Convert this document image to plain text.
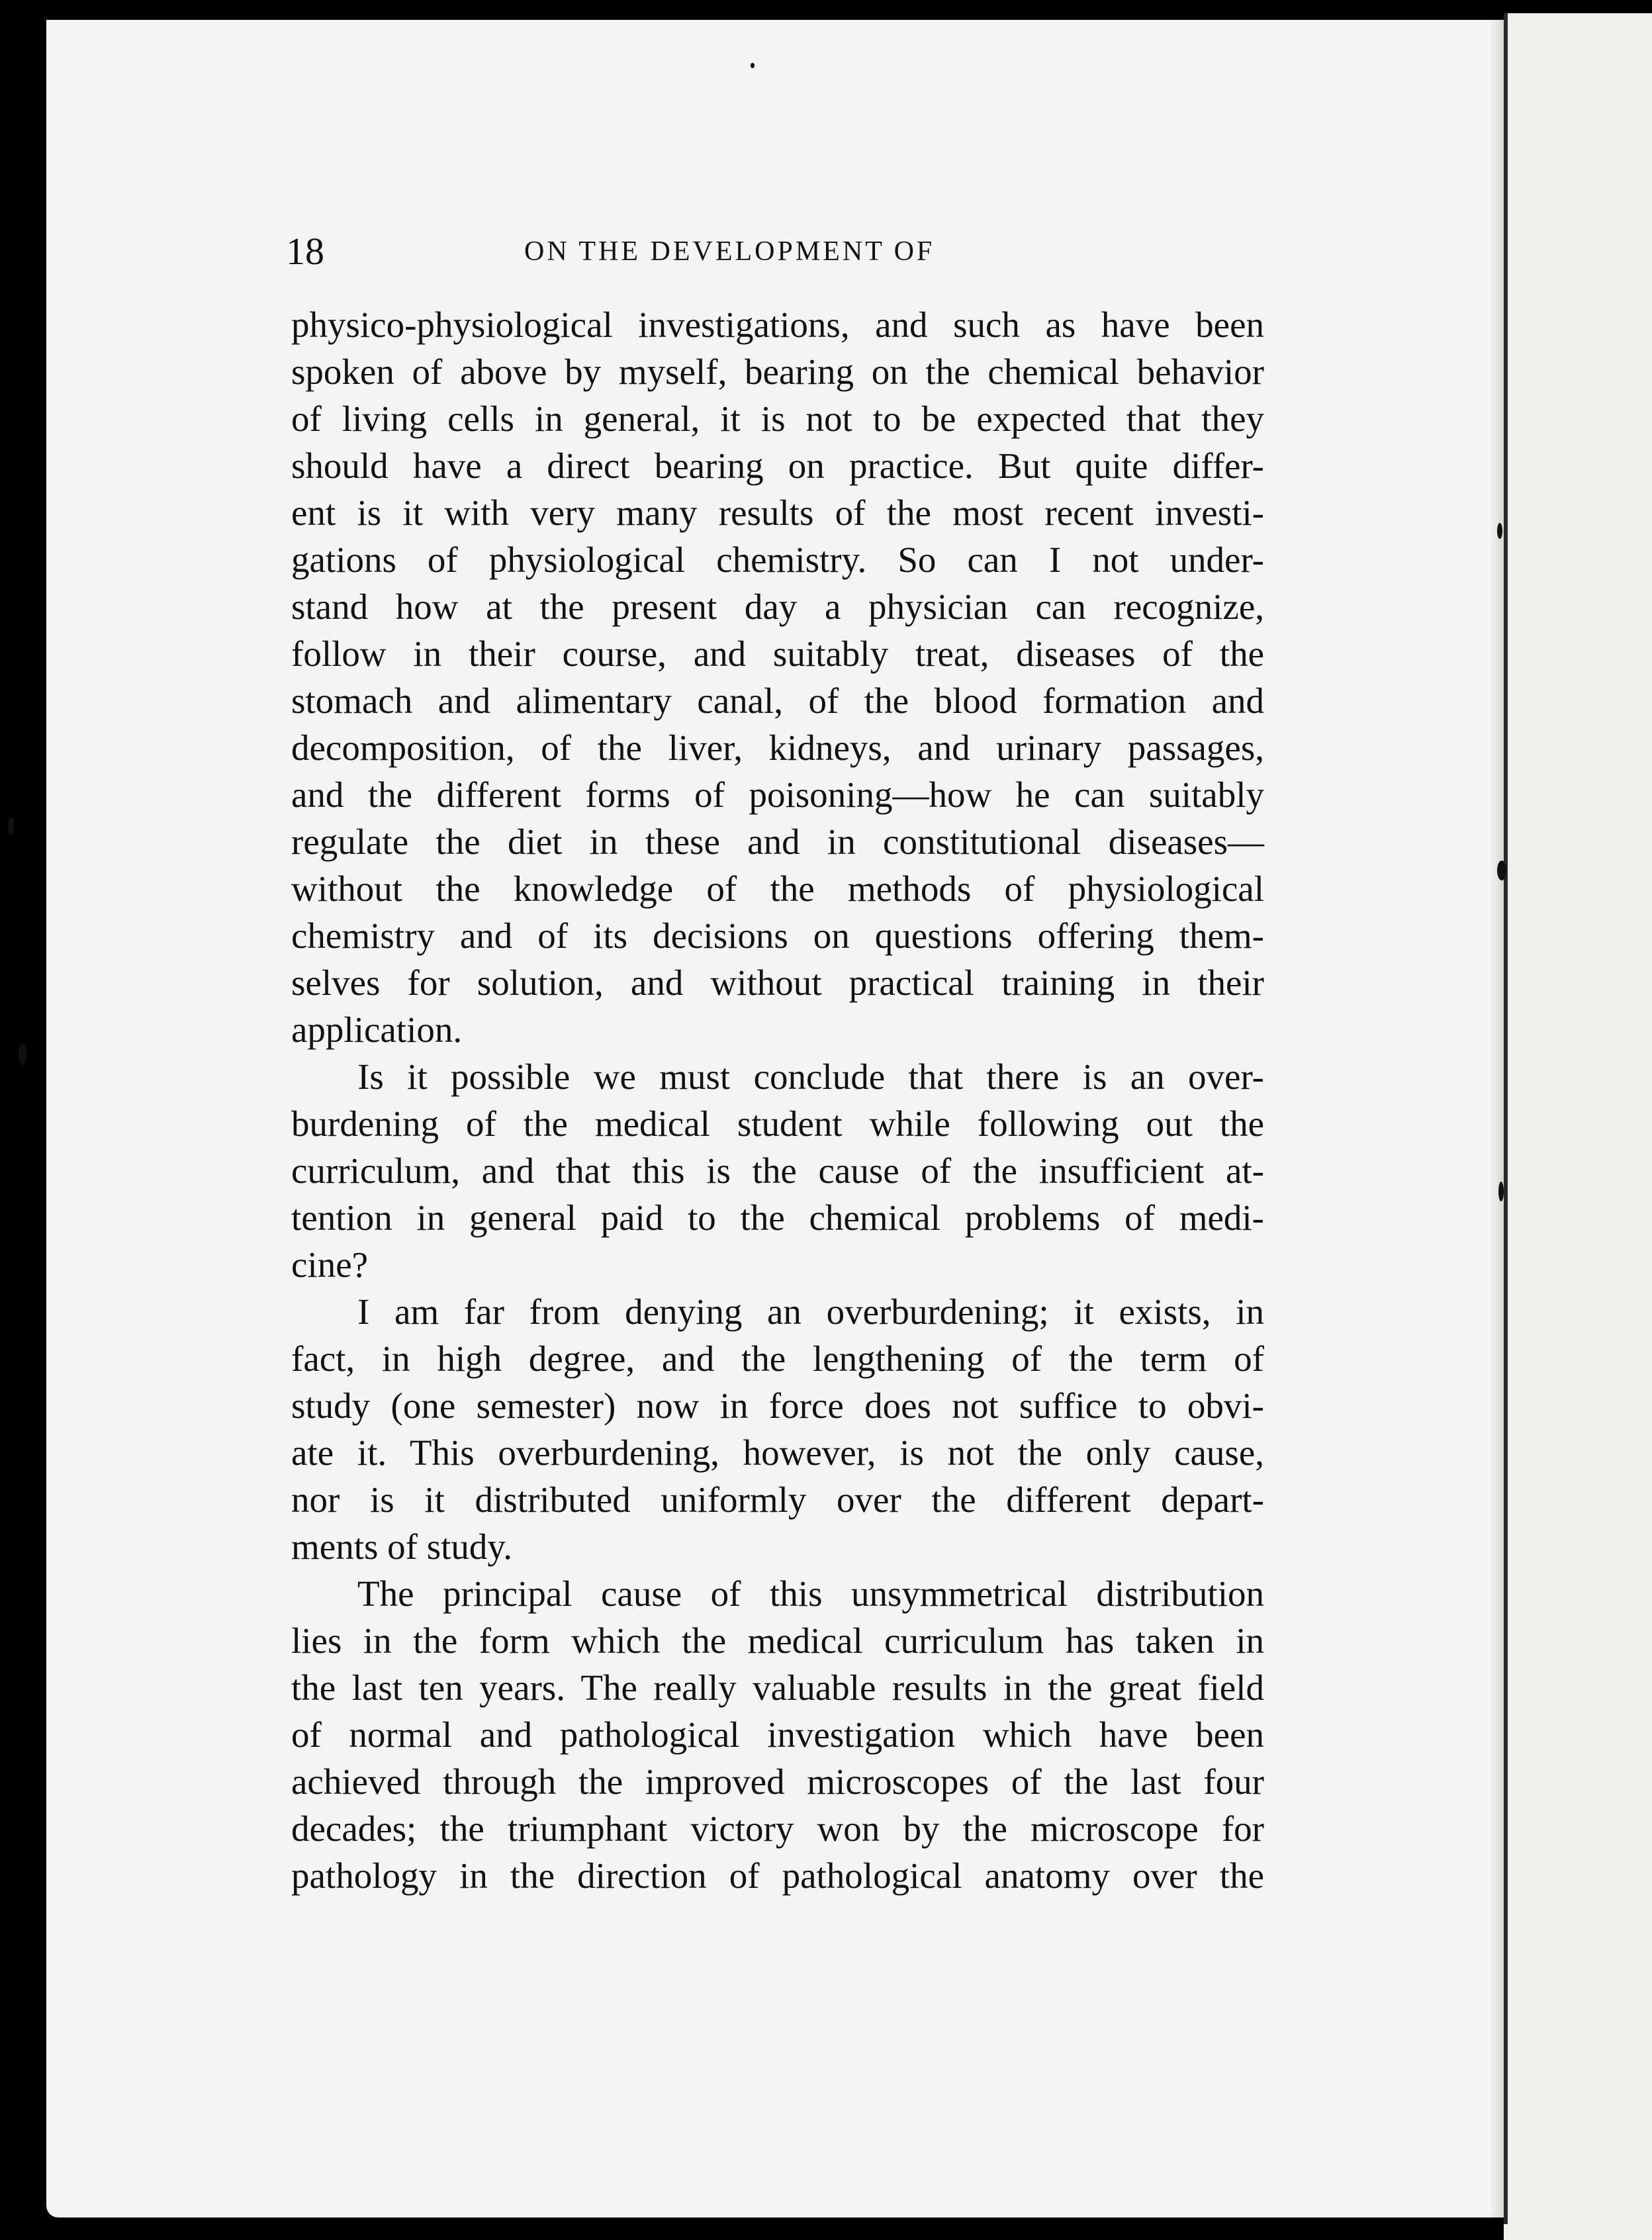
18	ON THE DEVELOPMENT OF
physico-physiological investigations, and such as have been
spoken of above by myself, bearing on the chemical behavior
of living cells in general, it is not to be expected that they
should have a direct bearing on practice. But quite differ-
ent is it with very many results of the most recent investi-
gations of physiological chemistry. So can I not under-
stand how at the present day a physician can recognize,
follow in their course, and suitably treat, diseases of the
stomach and alimentary canal, of the blood formation and
decomposition, of the liver, kidneys, and urinary passages,
and the different forms of poisoning—how he can suitably
regulate the diet in these and in constitutional diseases—
without the knowledge of the methods of physiological
chemistry and of its decisions on questions offering them-
selves for solution, and without practical training in their
application.
Is it possible we must conclude that there is an over-
burdening of the medical student while following out the
curriculum, and that this is the cause of the insufficient at-
tention in general paid to the chemical problems of medi-
cine?
I am far from denying an overburdening; it exists, in
fact, in high degree, and the lengthening of the term of
study (one semester) now in force does not suffice to obvi-
ate it. This overburdening, however, is not the only cause,
nor is it distributed uniformly over the different depart-
ments of study.
The principal cause of this unsymmetrical distribution
lies in the form which the medical curriculum has taken in
the last ten years. The really valuable results in the great field
of normal and pathological investigation which have been
achieved through the improved microscopes of the last four
decades; the triumphant victory won by the microscope for
pathology in the direction of pathological anatomy over the
